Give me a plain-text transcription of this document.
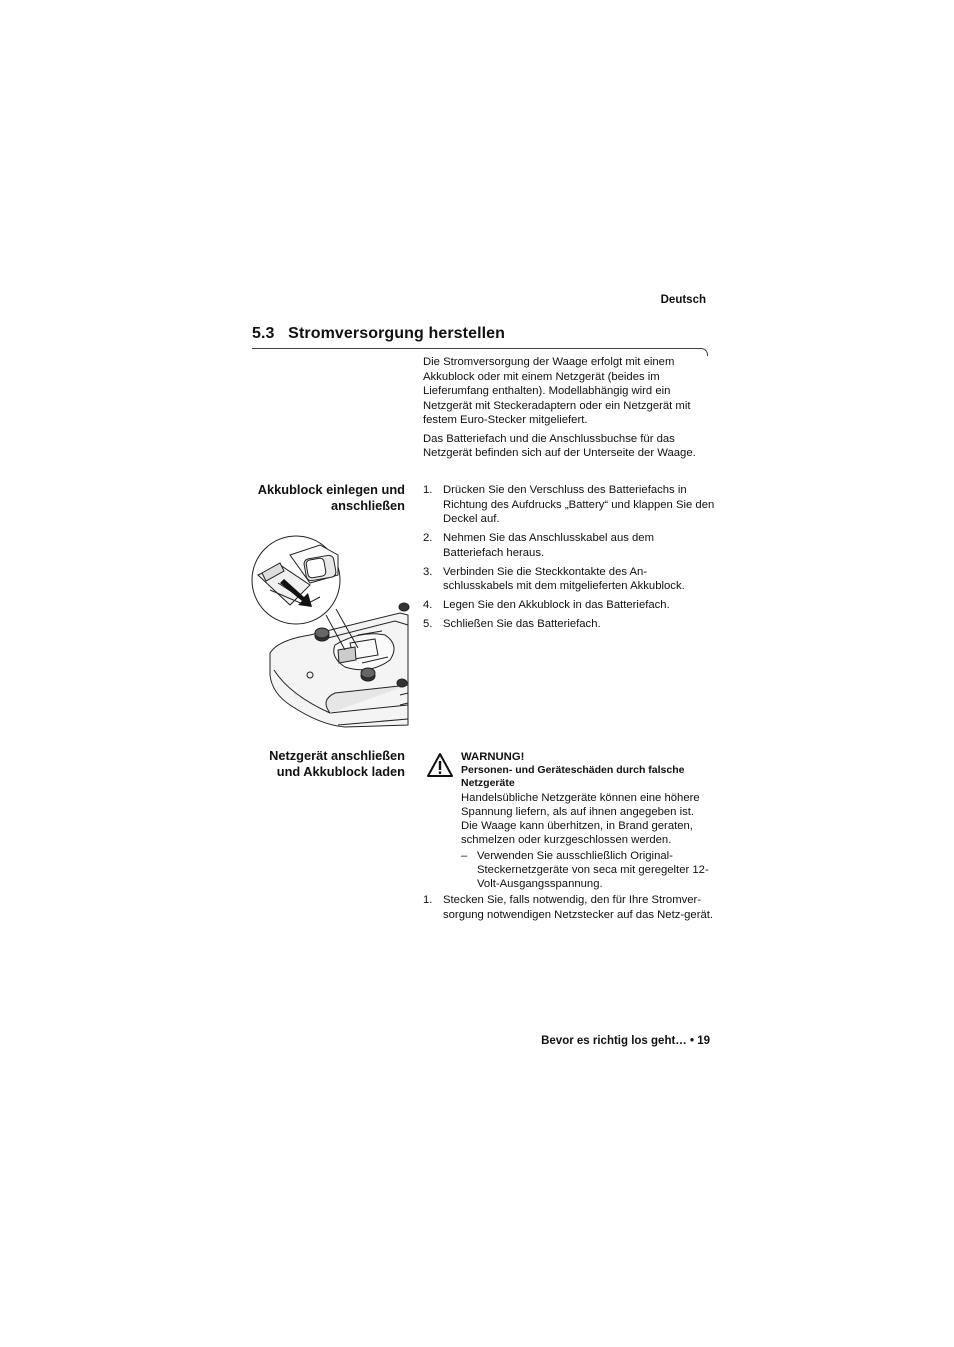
Deutsch
5.3   Stromversorgung herstellen

Die Stromversorgung der Waage erfolgt mit einem Akkublock oder mit einem Netzgerät (beides im Lieferumfang enthalten). Modellabhängig wird ein Netzgerät mit Steckeradaptern oder ein Netzgerät mit festem Euro-Stecker mitgeliefert.

Das Batteriefach und die Anschlussbuchse für das Netzgerät befinden sich auf der Unterseite der Waage.

Akkublock einlegen und
anschließen
1. Drücken Sie den Verschluss des Batteriefachs in Richtung des Aufdrucks „Battery“ und klappen Sie den Deckel auf.
2. Nehmen Sie das Anschlusskabel aus dem Batteriefach heraus.
3. Verbinden Sie die Steckkontakte des An-schlusskabels mit dem mitgelieferten Akkublock.
4. Legen Sie den Akkublock in das Batteriefach.
5. Schließen Sie das Batteriefach.
Netzgerät anschließen
und Akkublock laden
WARNUNG!
Personen- und Geräteschäden durch falsche Netzgeräte
Handelsübliche Netzgeräte können eine höhere Spannung liefern, als auf ihnen angegeben ist. Die Waage kann überhitzen, in Brand geraten, schmelzen oder kurzgeschlossen werden.
– Verwenden Sie ausschließlich Original-Steckernetzgeräte von seca mit geregelter 12-Volt-Ausgangsspannung.
1. Stecken Sie, falls notwendig, den für Ihre Stromver-sorgung notwendigen Netzstecker auf das Netz-gerät.
Bevor es richtig los geht… • 19
